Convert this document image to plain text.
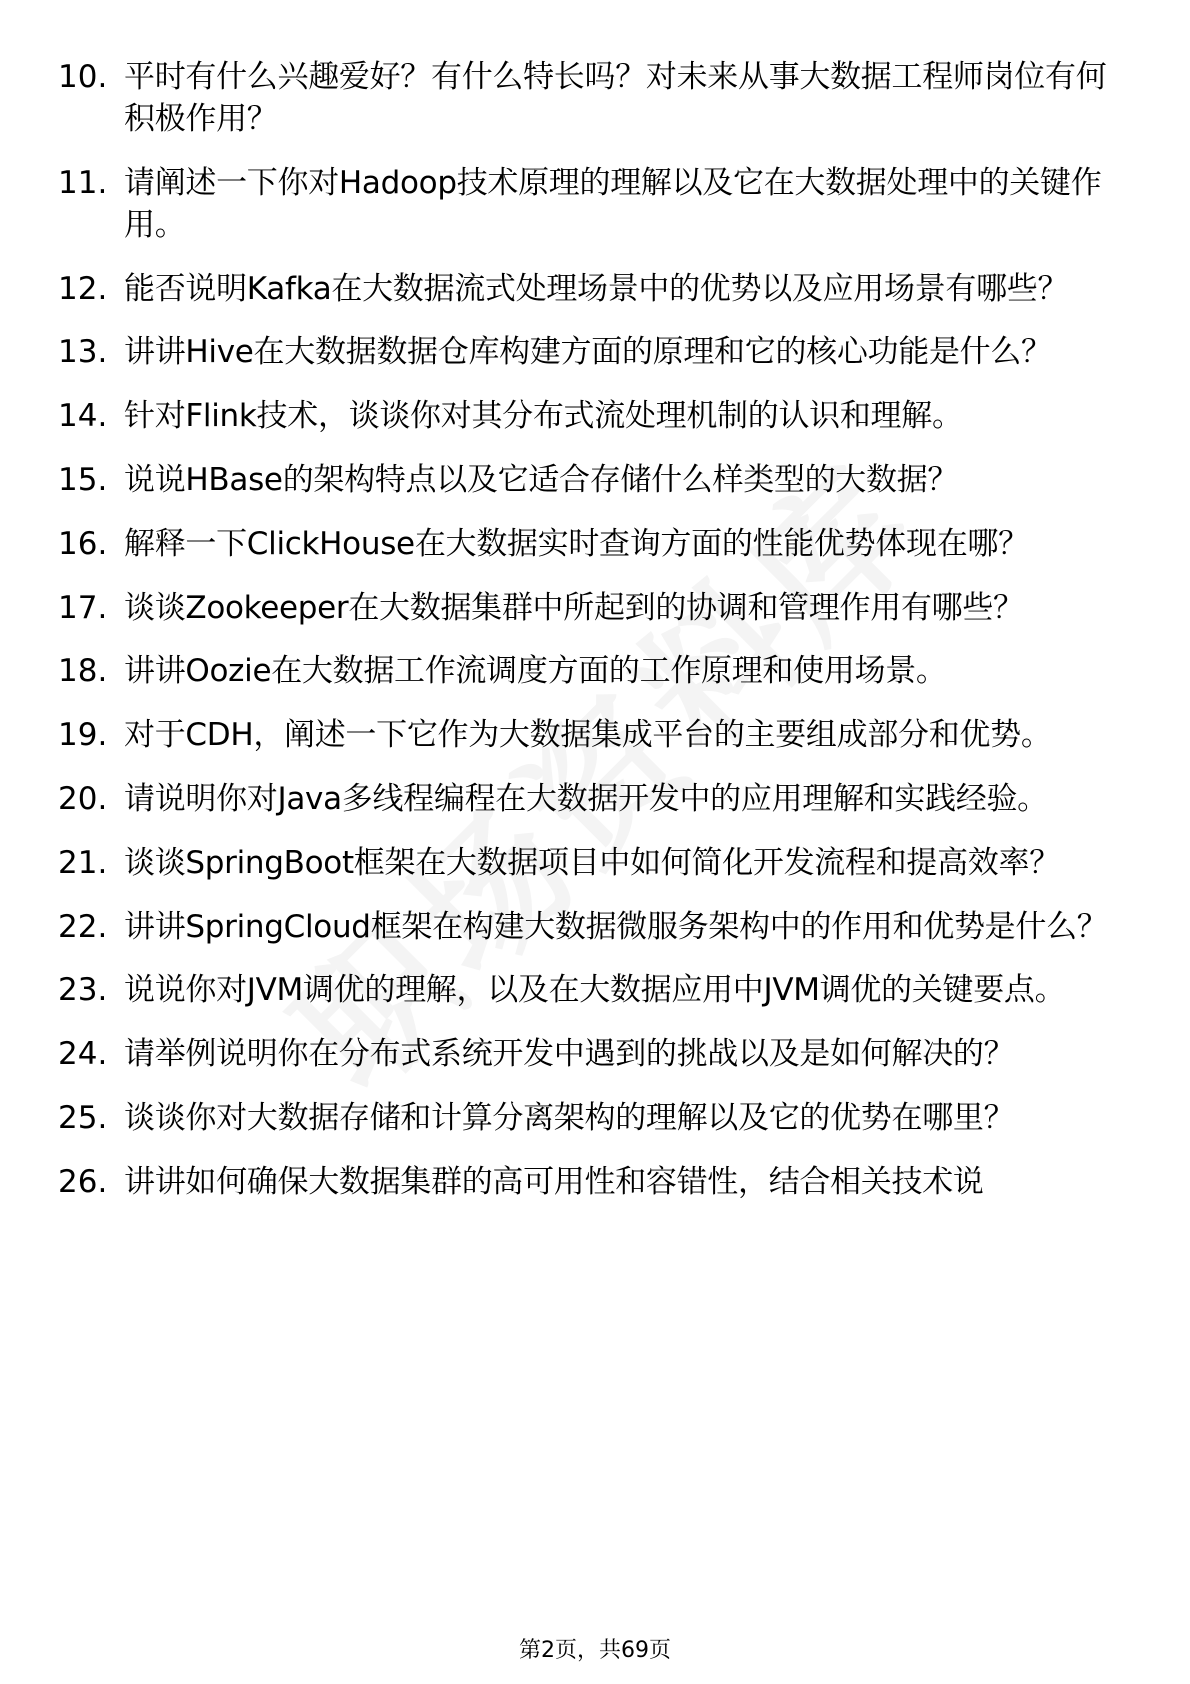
10. 平时有什么兴趣爱好？有什么特长吗？对未来从事大数据工程师岗位有何积极作用？
11. 请阐述一下你对Hadoop技术原理的理解以及它在大数据处理中的关键作用。
12. 能否说明Kafka在大数据流式处理场景中的优势以及应用场景有哪些？
13. 讲讲Hive在大数据数据仓库构建方面的原理和它的核心功能是什么？
14. 针对Flink技术，谈谈你对其分布式流处理机制的认识和理解。
15. 说说HBase的架构特点以及它适合存储什么样类型的大数据？
16. 解释一下ClickHouse在大数据实时查询方面的性能优势体现在哪？
17. 谈谈Zookeeper在大数据集群中所起到的协调和管理作用有哪些？
18. 讲讲Oozie在大数据工作流调度方面的工作原理和使用场景。
19. 对于CDH，阐述一下它作为大数据集成平台的主要组成部分和优势。
20. 请说明你对Java多线程编程在大数据开发中的应用理解和实践经验。
21. 谈谈SpringBoot框架在大数据项目中如何简化开发流程和提高效率？
22. 讲讲SpringCloud框架在构建大数据微服务架构中的作用和优势是什么？
23. 说说你对JVM调优的理解，以及在大数据应用中JVM调优的关键要点。
24. 请举例说明你在分布式系统开发中遇到的挑战以及是如何解决的？
25. 谈谈你对大数据存储和计算分离架构的理解以及它的优势在哪里？
26. 讲讲如何确保大数据集群的高可用性和容错性，结合相关技术说
第2页，共69页
